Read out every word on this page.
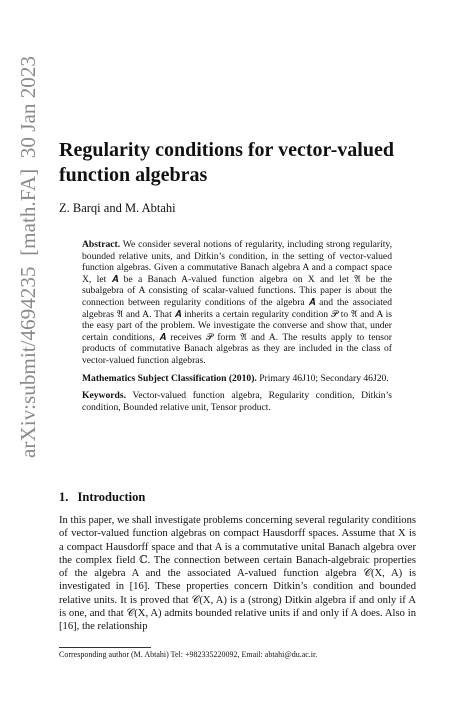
arXiv:submit/4694235  [math.FA]  30 Jan 2023 Regularity conditions for vector-valued function algebras
Z. Barqi and M. Abtahi

Abstract. We consider several notions of regularity, including strong regularity, bounded relative units, and Ditkin’s condition, in the setting of vector-valued function algebras. Given a commutative Banach algebra A and a compact space X, let 𝑨 be a Banach A-valued function algebra on X and let 𝔄 be the subalgebra of A consisting of scalar-valued functions. This paper is about the connection between regularity conditions of the algebra 𝑨 and the associated algebras 𝔄 and A. That 𝑨 inherits a certain regularity condition 𝒫 to 𝔄 and A is the easy part of the problem. We investigate the converse and show that, under certain conditions, 𝑨 receives 𝒫 form 𝔄 and A. The results apply to tensor products of commutative Banach algebras as they are included in the class of vector-valued function algebras.

Mathematics Subject Classification (2010). Primary 46J10; Secondary 46J20.

Keywords. Vector-valued function algebra, Regularity condition, Ditkin’s condition, Bounded relative unit, Tensor product.

1. Introduction

In this paper, we shall investigate problems concerning several regularity conditions of vector-valued function algebras on compact Hausdorff spaces. Assume that X is a compact Hausdorff space and that A is a commutative unital Banach algebra over the complex field ℂ. The connection between certain Banach-algebraic properties of the algebra A and the associated A-valued function algebra 𝒞(X, A) is investigated in [16]. These properties concern Ditkin’s condition and bounded relative units. It is proved that 𝒞(X, A) is a (strong) Ditkin algebra if and only if A is one, and that 𝒞(X, A) admits bounded relative units if and only if A does. Also in [16], the relationship

Corresponding author (M. Abtahi) Tel: +982335220092, Email: abtahi@du.ac.ir.
